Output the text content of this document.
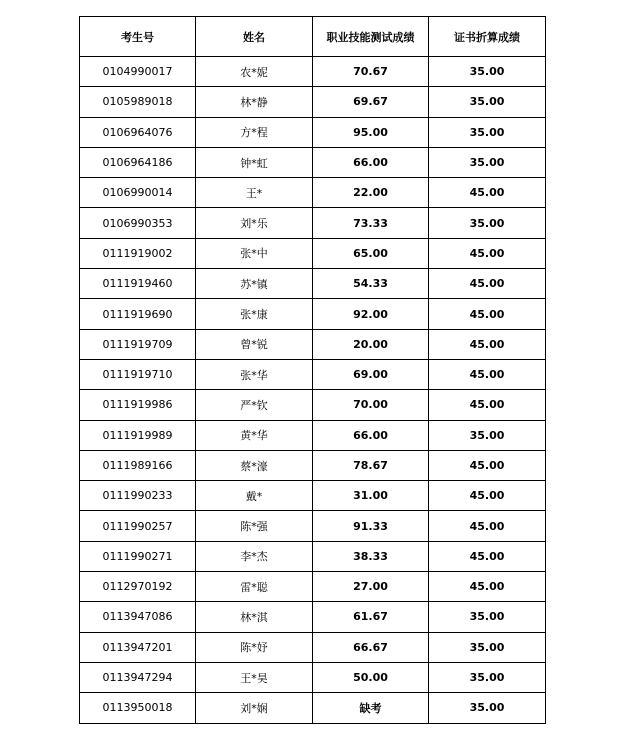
考生号	姓名	职业技能测试成绩	证书折算成绩
0104990017	农*妮	70.67	35.00
0105989018	林*静	69.67	35.00
0106964076	方*程	95.00	35.00
0106964186	钟*虹	66.00	35.00
0106990014	王*	22.00	45.00
0106990353	刘*乐	73.33	35.00
0111919002	张*中	65.00	45.00
0111919460	苏*镇	54.33	45.00
0111919690	张*康	92.00	45.00
0111919709	曾*锐	20.00	45.00
0111919710	张*华	69.00	45.00
0111919986	严*钦	70.00	45.00
0111919989	黄*华	66.00	35.00
0111989166	蔡*濠	78.67	45.00
0111990233	戴*	31.00	45.00
0111990257	陈*强	91.33	45.00
0111990271	李*杰	38.33	45.00
0112970192	雷*聪	27.00	45.00
0113947086	林*淇	61.67	35.00
0113947201	陈*妤	66.67	35.00
0113947294	王*昊	50.00	35.00
0113950018	刘*娴	缺考	35.00
